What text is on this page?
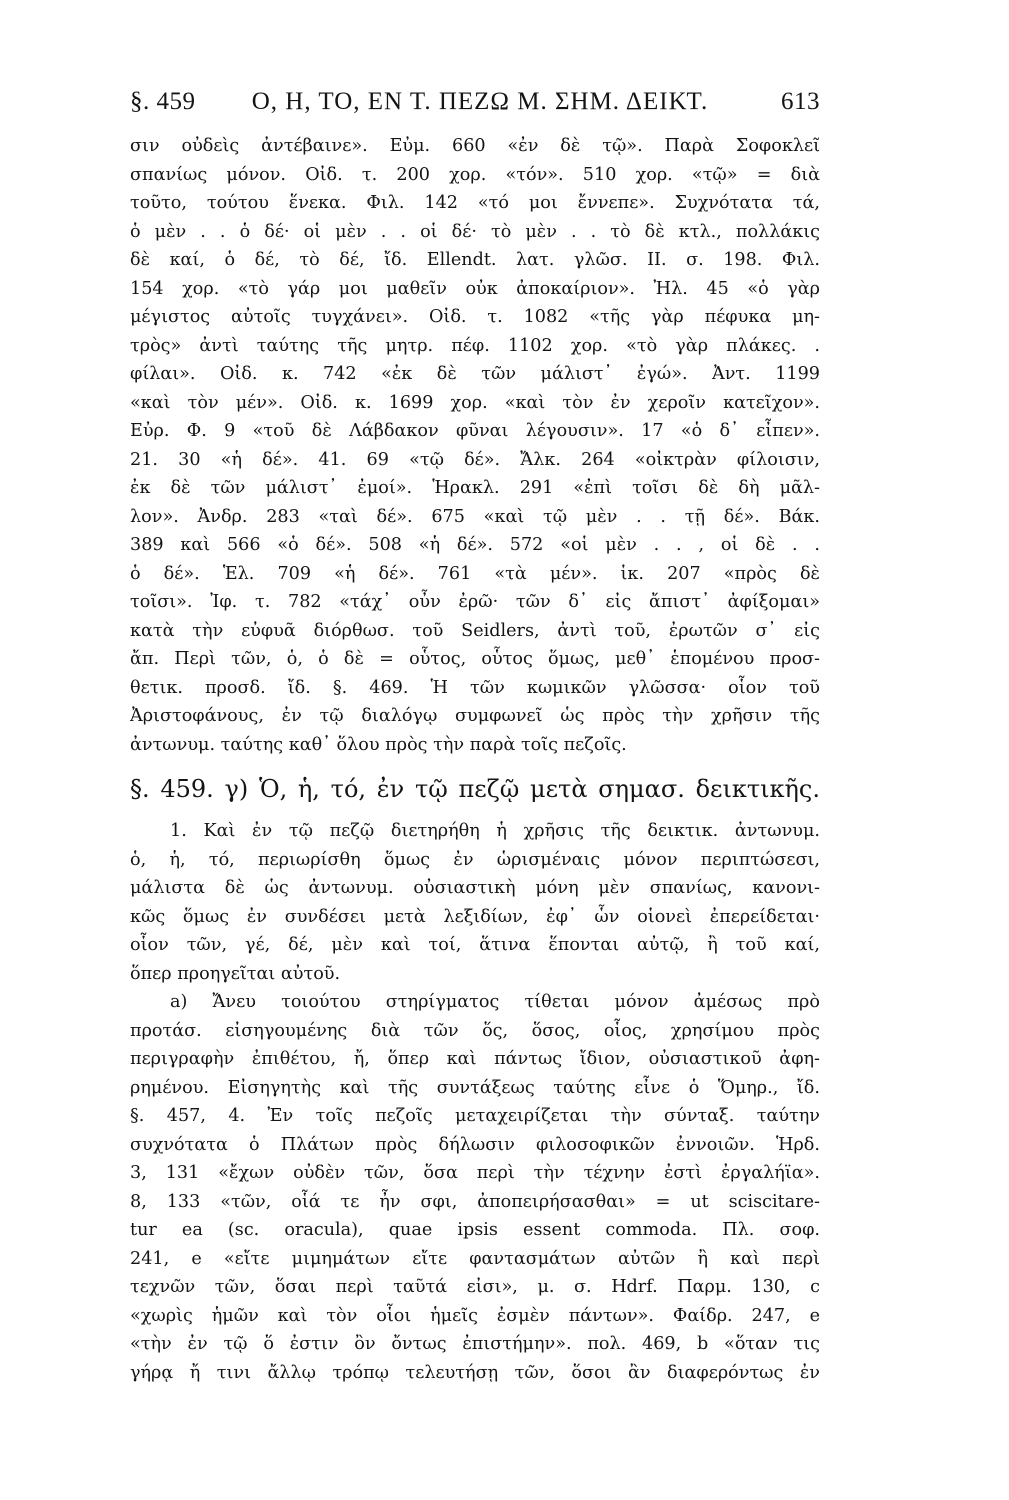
§. 459	Ο, Η, ΤΟ, ΕΝ Τ. ΠΕΖΩ Μ. ΣΗΜ. ΔΕΙΚΤ.	613
σιν οὐδεὶς ἀντέβαινε». Εὐμ. 660 «ἐν δὲ τῷ». Παρὰ Σοφοκλεῖ
σπανίως μόνον. Οἰδ. τ. 200 χορ. «τόν». 510 χορ. «τῷ» = διὰ
τοῦτο, τούτου ἕνεκα. Φιλ. 142 «τό μοι ἔννεπε». Συχνότατα τά,
ὁ μὲν . . ὁ δέ· οἱ μὲν . . οἱ δέ· τὸ μὲν . . τὸ δὲ κτλ., πολλάκις
δὲ καί, ὁ δέ, τὸ δέ, ἴδ. Ellendt. λατ. γλῶσ. II. σ. 198. Φιλ.
154 χορ. «τὸ γάρ μοι μαθεῖν οὐκ ἀποκαίριον». Ἠλ. 45 «ὁ γὰρ
μέγιστος αὐτοῖς τυγχάνει». Οἰδ. τ. 1082 «τῆς γὰρ πέφυκα μη-
τρὸς» ἀντὶ ταύτης τῆς μητρ. πέφ. 1102 χορ. «τὸ γὰρ πλάκες. .
φίλαι». Οἰδ. κ. 742 «ἐκ δὲ τῶν μάλιστ᾽ ἐγώ». Ἀντ. 1199
«καὶ τὸν μέν». Οἰδ. κ. 1699 χορ. «καὶ τὸν ἐν χεροῖν κατεῖχον».
Εὐρ. Φ. 9 «τοῦ δὲ Λάβδακον φῦναι λέγουσιν». 17 «ὁ δ᾽ εἶπεν».
21. 30 «ἡ δέ». 41. 69 «τῷ δέ». Ἄλκ. 264 «οἰκτρὰν φίλοισιν,
ἐκ δὲ τῶν μάλιστ᾽ ἐμοί». Ἡρακλ. 291 «ἐπὶ τοῖσι δὲ δὴ μᾶλ-
λον». Ἀνδρ. 283 «ταὶ δέ». 675 «καὶ τῷ μὲν . . τῇ δέ». Βάκ.
389 καὶ 566 «ὁ δέ». 508 «ἡ δέ». 572 «οἱ μὲν . . , οἱ δὲ . .
ὁ δέ». Ἑλ. 709 «ἡ δέ». 761 «τὰ μέν». ἱκ. 207 «πρὸς δὲ
τοῖσι». Ἰφ. τ. 782 «τάχ᾽ οὖν ἐρῶ· τῶν δ᾽ εἰς ἄπιστ᾽ ἀφίξομαι»
κατὰ τὴν εὐφυᾶ διόρθωσ. τοῦ Seidlers, ἀντὶ τοῦ, ἐρωτῶν σ᾽ εἰς
ἄπ. Περὶ τῶν, ὁ, ὁ δὲ = οὗτος, οὗτος ὅμως, μεθ᾽ ἑπομένου προσ-
θετικ. προσδ. ἴδ. §. 469. Ἡ τῶν κωμικῶν γλῶσσα· οἷον τοῦ
Ἀριστοφάνους, ἐν τῷ διαλόγῳ συμφωνεῖ ὡς πρὸς τὴν χρῆσιν τῆς
ἀντωνυμ. ταύτης καθ᾽ ὅλου πρὸς τὴν παρὰ τοῖς πεζοῖς.
§. 459. γ) Ὁ, ἡ, τό, ἐν τῷ πεζῷ μετὰ σημασ. δεικτικῆς.
1. Καὶ ἐν τῷ πεζῷ διετηρήθη ἡ χρῆσις τῆς δεικτικ. ἀντωνυμ.
ὁ, ἡ, τό, περιωρίσθη ὅμως ἐν ὡρισμέναις μόνον περιπτώσεσι,
μάλιστα δὲ ὡς ἀντωνυμ. οὐσιαστικὴ μόνη μὲν σπανίως, κανονι-
κῶς ὅμως ἐν συνδέσει μετὰ λεξιδίων, ἐφ᾽ ὧν οἱονεὶ ἐπερείδεται·
οἷον τῶν, γέ, δέ, μὲν καὶ τοί, ἅτινα ἕπονται αὐτῷ, ἢ τοῦ καί,
ὅπερ προηγεῖται αὐτοῦ.
a) Ἄνευ τοιούτου στηρίγματος τίθεται μόνον ἀμέσως πρὸ
προτάσ. εἰσηγουμένης διὰ τῶν ὅς, ὅσος, οἷος, χρησίμου πρὸς
περιγραφὴν ἐπιθέτου, ἤ, ὅπερ καὶ πάντως ἴδιον, οὐσιαστικοῦ ἀφη-
ρημένου. Εἰσηγητὴς καὶ τῆς συντάξεως ταύτης εἶνε ὁ Ὅμηρ., ἴδ.
§. 457, 4. Ἐν τοῖς πεζοῖς μεταχειρίζεται τὴν σύνταξ. ταύτην
συχνότατα ὁ Πλάτων πρὸς δήλωσιν φιλοσοφικῶν ἐννοιῶν. Ἡρδ.
3, 131 «ἔχων οὐδὲν τῶν, ὅσα περὶ τὴν τέχνην ἐστὶ ἐργαλήϊα».
8, 133 «τῶν, οἷά τε ἦν σφι, ἀποπειρήσασθαι» = ut sciscitare-
tur ea (sc. oracula), quae ipsis essent commoda. Πλ. σοφ.
241, e «εἴτε μιμημάτων εἴτε φαντασμάτων αὐτῶν ἢ καὶ περὶ
τεχνῶν τῶν, ὅσαι περὶ ταῦτά εἰσι», μ. σ. Hdrf. Παρμ. 130, c
«χωρὶς ἡμῶν καὶ τὸν οἷοι ἡμεῖς ἐσμὲν πάντων». Φαίδρ. 247, e
«τὴν ἐν τῷ ὅ ἐστιν ὂν ὄντως ἐπιστήμην». πολ. 469, b «ὅταν τις
γήρᾳ ἤ τινι ἄλλῳ τρόπῳ τελευτήσῃ τῶν, ὅσοι ἂν διαφερόντως ἐν
